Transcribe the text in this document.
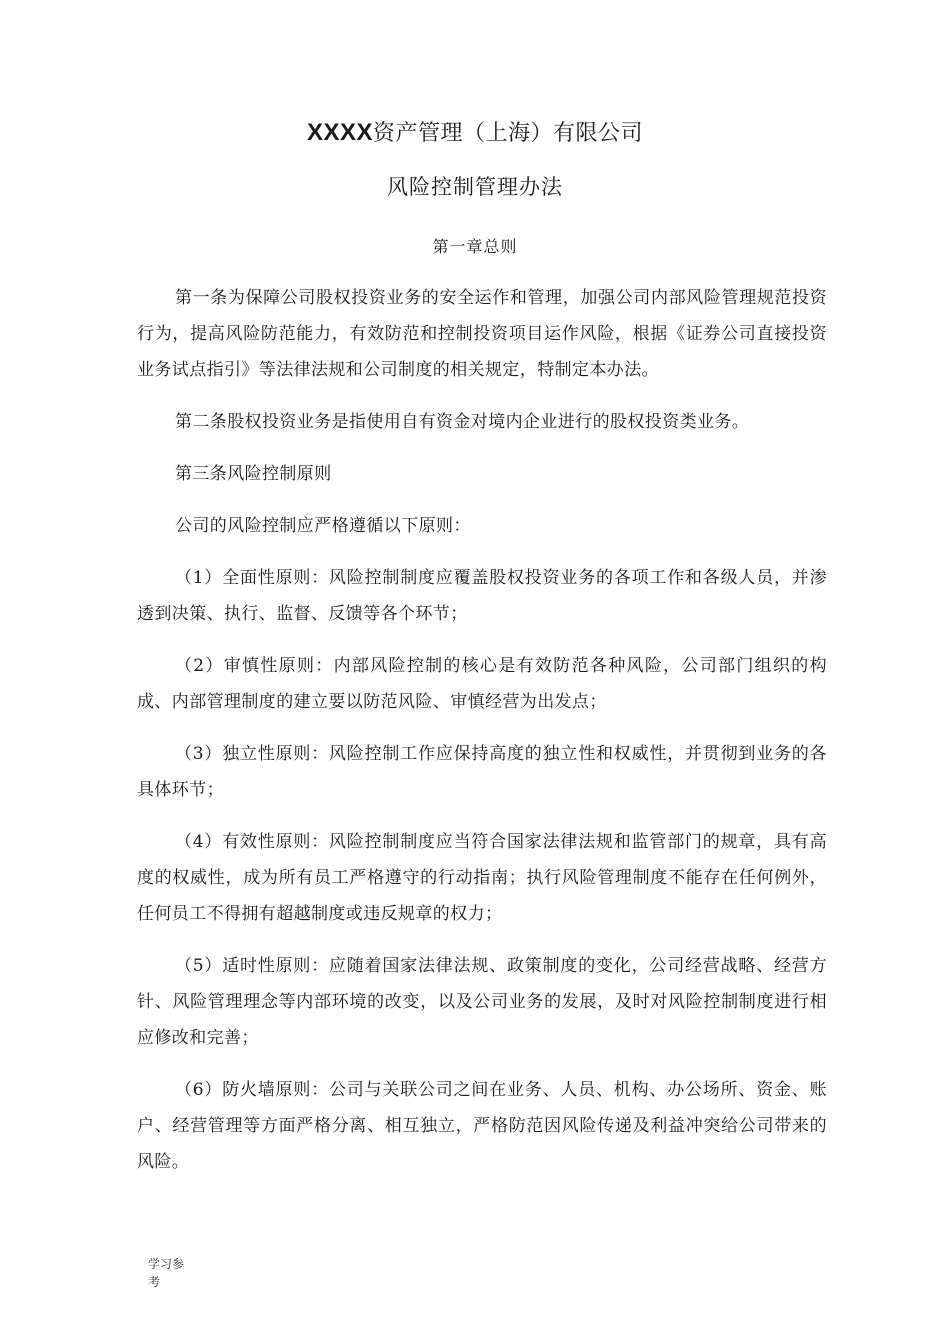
XXXX资产管理（上海）有限公司
风险控制管理办法
第一章总则

第一条为保障公司股权投资业务的安全运作和管理，加强公司内部风险管理规范投资行为，提高风险防范能力，有效防范和控制投资项目运作风险，根据《证券公司直接投资业务试点指引》等法律法规和公司制度的相关规定，特制定本办法。

第二条股权投资业务是指使用自有资金对境内企业进行的股权投资类业务。

第三条风险控制原则

公司的风险控制应严格遵循以下原则：

（1）全面性原则：风险控制制度应覆盖股权投资业务的各项工作和各级人员，并渗透到决策、执行、监督、反馈等各个环节；

（2）审慎性原则：内部风险控制的核心是有效防范各种风险，公司部门组织的构成、内部管理制度的建立要以防范风险、审慎经营为出发点；

（3）独立性原则：风险控制工作应保持高度的独立性和权威性，并贯彻到业务的各具体环节；

（4）有效性原则：风险控制制度应当符合国家法律法规和监管部门的规章，具有高度的权威性，成为所有员工严格遵守的行动指南；执行风险管理制度不能存在任何例外，任何员工不得拥有超越制度或违反规章的权力；

（5）适时性原则：应随着国家法律法规、政策制度的变化，公司经营战略、经营方针、风险管理理念等内部环境的改变，以及公司业务的发展，及时对风险控制制度进行相应修改和完善；

（6）防火墙原则：公司与关联公司之间在业务、人员、机构、办公场所、资金、账户、经营管理等方面严格分离、相互独立，严格防范因风险传递及利益冲突给公司带来的风险。

学习参
考
